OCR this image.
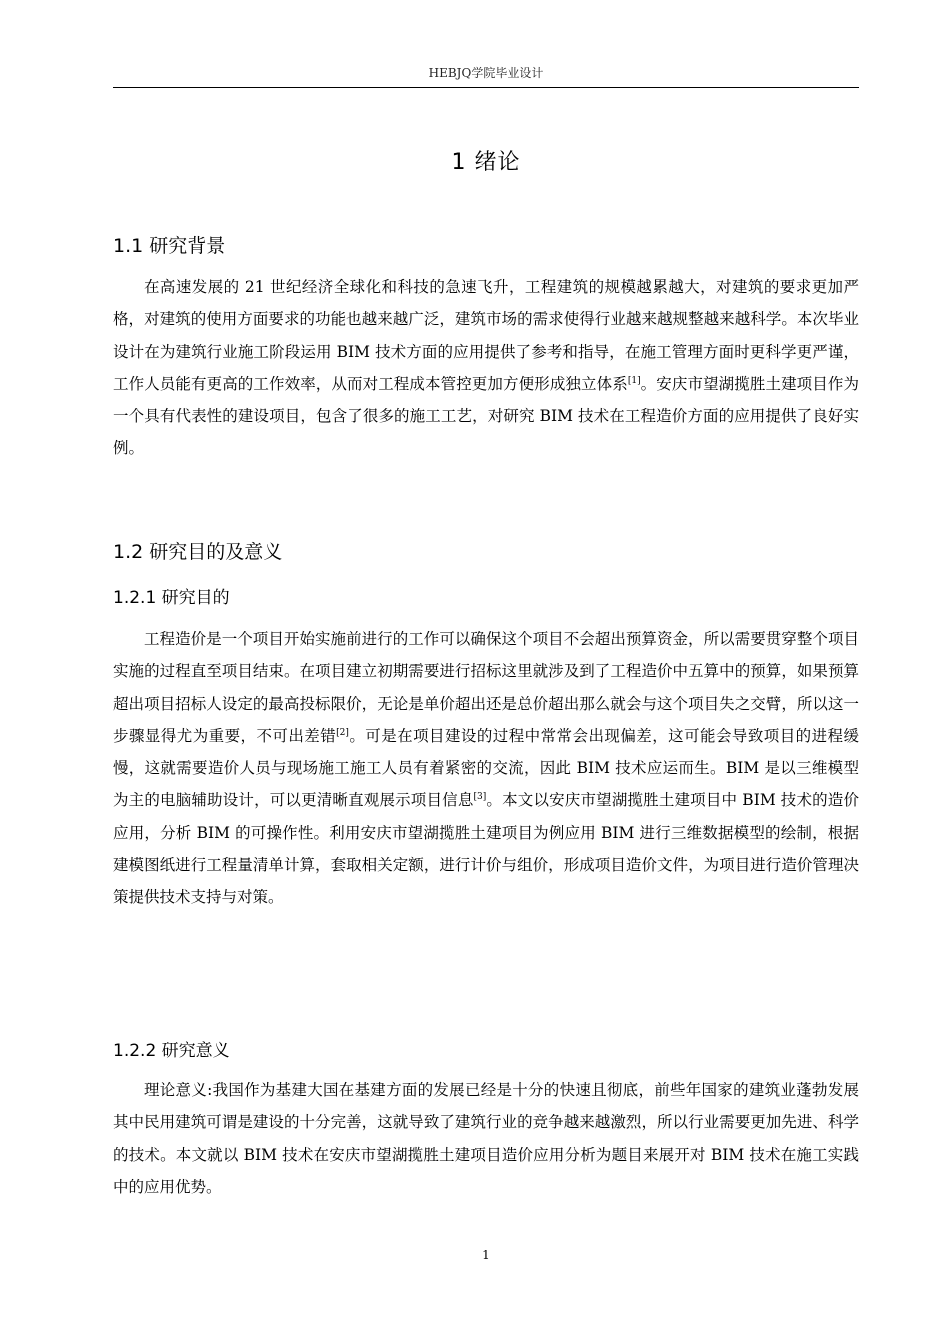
HEBJQ学院毕业设计
1 绪论
1.1 研究背景

在高速发展的 21 世纪经济全球化和科技的急速飞升，工程建筑的规模越累越大，对建筑的要求更加严格，对建筑的使用方面要求的功能也越来越广泛，建筑市场的需求使得行业越来越规整越来越科学。本次毕业设计在为建筑行业施工阶段运用 BIM 技术方面的应用提供了参考和指导，在施工管理方面时更科学更严谨，工作人员能有更高的工作效率，从而对工程成本管控更加方便形成独立体系[1]。安庆市望湖揽胜土建项目作为一个具有代表性的建设项目，包含了很多的施工工艺，对研究 BIM 技术在工程造价方面的应用提供了良好实例。

1.2 研究目的及意义
1.2.1 研究目的

工程造价是一个项目开始实施前进行的工作可以确保这个项目不会超出预算资金，所以需要贯穿整个项目实施的过程直至项目结束。在项目建立初期需要进行招标这里就涉及到了工程造价中五算中的预算，如果预算超出项目招标人设定的最高投标限价，无论是单价超出还是总价超出那么就会与这个项目失之交臂，所以这一步骤显得尤为重要，不可出差错[2]。可是在项目建设的过程中常常会出现偏差，这可能会导致项目的进程缓慢，这就需要造价人员与现场施工施工人员有着紧密的交流，因此 BIM 技术应运而生。BIM 是以三维模型为主的电脑辅助设计，可以更清晰直观展示项目信息[3]。本文以安庆市望湖揽胜土建项目中 BIM 技术的造价应用，分析 BIM 的可操作性。利用安庆市望湖揽胜土建项目为例应用 BIM 进行三维数据模型的绘制，根据建模图纸进行工程量清单计算，套取相关定额，进行计价与组价，形成项目造价文件，为项目进行造价管理决策提供技术支持与对策。

1.2.2 研究意义

理论意义:我国作为基建大国在基建方面的发展已经是十分的快速且彻底，前些年国家的建筑业蓬勃发展其中民用建筑可谓是建设的十分完善，这就导致了建筑行业的竞争越来越激烈，所以行业需要更加先进、科学的技术。本文就以 BIM 技术在安庆市望湖揽胜土建项目造价应用分析为题目来展开对 BIM 技术在施工实践中的应用优势。

1
